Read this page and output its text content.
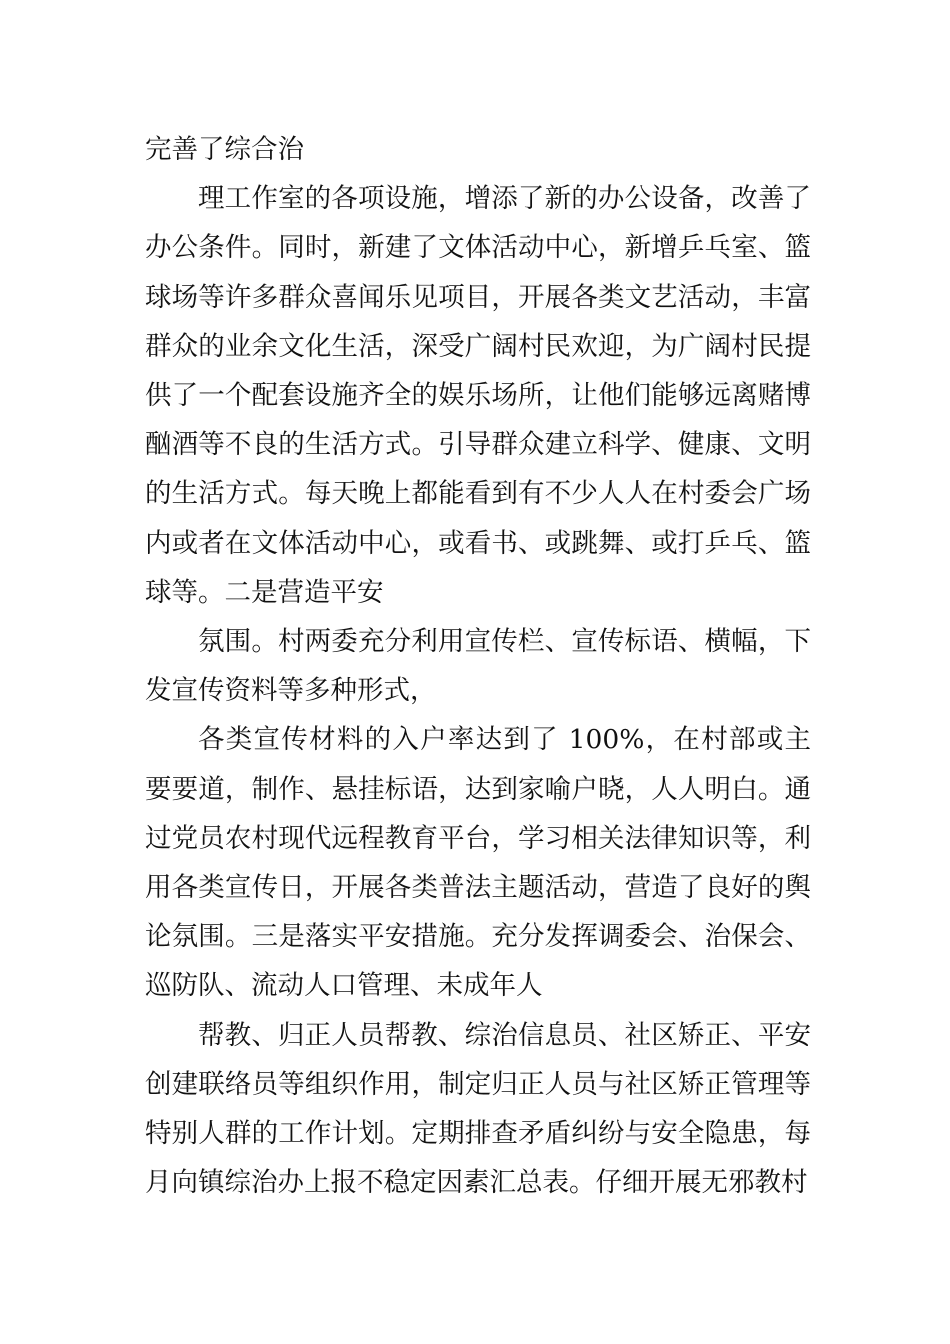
完善了综合治

理工作室的各项设施，增添了新的办公设备，改善了办公条件。同时，新建了文体活动中心，新增乒乓室、篮球场等许多群众喜闻乐见项目，开展各类文艺活动，丰富群众的业余文化生活，深受广阔村民欢迎，为广阔村民提供了一个配套设施齐全的娱乐场所，让他们能够远离赌博酗酒等不良的生活方式。引导群众建立科学、健康、文明的生活方式。每天晚上都能看到有不少人人在村委会广场内或者在文体活动中心，或看书、或跳舞、或打乒乓、篮球等。二是营造平安

氛围。村两委充分利用宣传栏、宣传标语、横幅，下发宣传资料等多种形式，

各类宣传材料的入户率达到了 100%，在村部或主要要道，制作、悬挂标语，达到家喻户晓，人人明白。通过党员农村现代远程教育平台，学习相关法律知识等，利用各类宣传日，开展各类普法主题活动，营造了良好的舆论氛围。三是落实平安措施。充分发挥调委会、治保会、巡防队、流动人口管理、未成年人

帮教、归正人员帮教、综治信息员、社区矫正、平安创建联络员等组织作用，制定归正人员与社区矫正管理等特别人群的工作计划。定期排查矛盾纠纷与安全隐患，每月向镇综治办上报不稳定因素汇总表。仔细开展无邪教村
